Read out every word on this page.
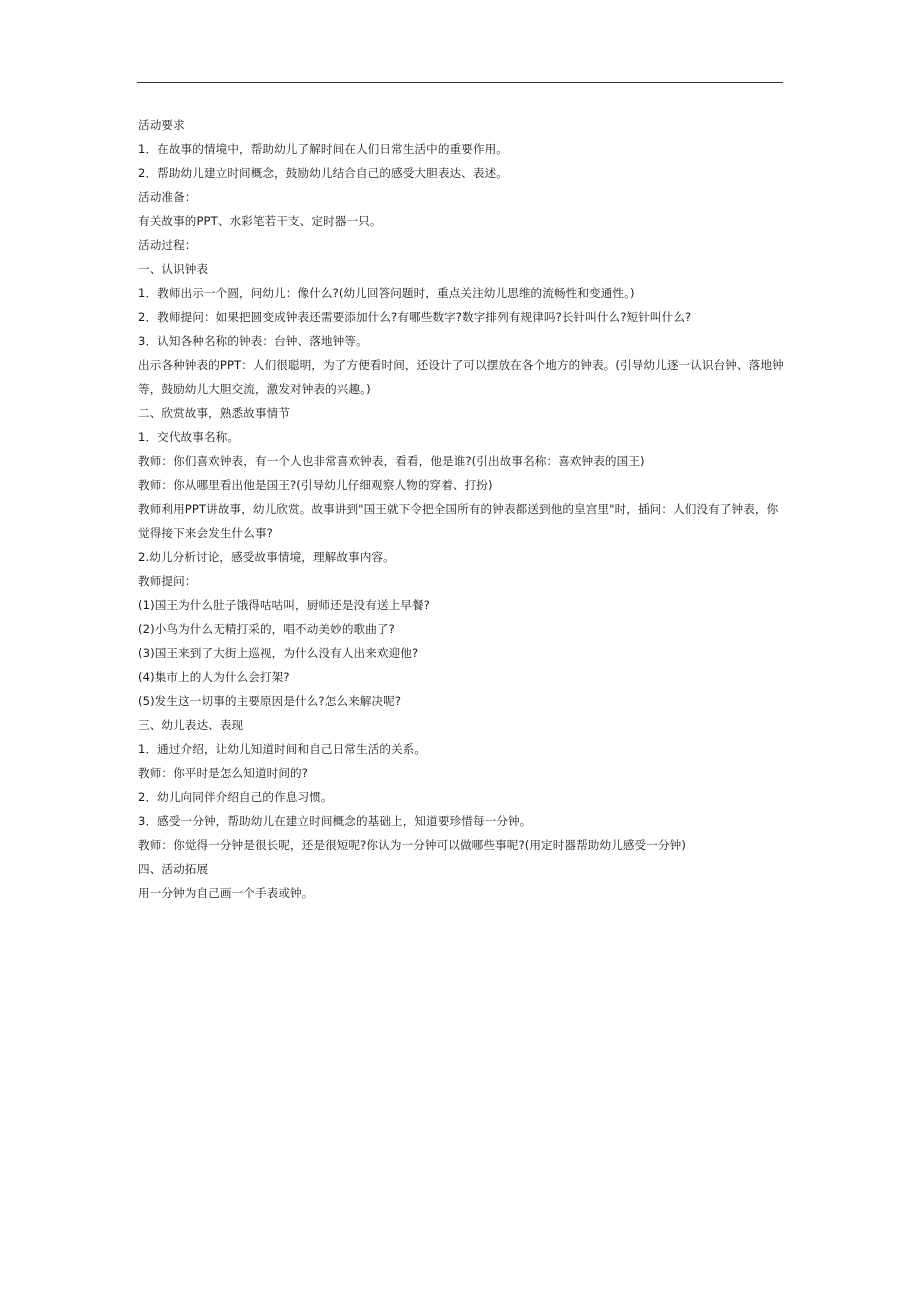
活动要求
1．在故事的情境中，帮助幼儿了解时间在人们日常生活中的重要作用。
2．帮助幼儿建立时间概念，鼓励幼儿结合自己的感受大胆表达、表述。
活动准备：
有关故事的PPT、水彩笔若干支、定时器一只。
活动过程：
一、认识钟表
1．教师出示一个圆，问幼儿：像什么?(幼儿回答问题时，重点关注幼儿思维的流畅性和变通性。)
2．教师提问：如果把圆变成钟表还需要添加什么?有哪些数字?数字排列有规律吗?长针叫什么?短针叫什么?
3．认知各种名称的钟表：台钟、落地钟等。
出示各种钟表的PPT：人们很聪明，为了方便看时间，还设计了可以摆放在各个地方的钟表。(引导幼儿逐一认识台钟、落地钟等，鼓励幼儿大胆交流，激发对钟表的兴趣。)
二、欣赏故事，熟悉故事情节
1．交代故事名称。
教师：你们喜欢钟表，有一个人也非常喜欢钟表，看看，他是谁?(引出故事名称：喜欢钟表的国王)
教师：你从哪里看出他是国王?(引导幼儿仔细观察人物的穿着、打扮)
教师利用PPT讲故事，幼儿欣赏。故事讲到"国王就下令把全国所有的钟表都送到他的皇宫里"时，插问：人们没有了钟表，你觉得接下来会发生什么事?
2.幼儿分析讨论，感受故事情境，理解故事内容。
教师提问：
(1)国王为什么肚子饿得咕咕叫，厨师还是没有送上早餐?
(2)小鸟为什么无精打采的，唱不动美妙的歌曲了?
(3)国王来到了大街上巡视，为什么没有人出来欢迎他?
(4)集市上的人为什么会打架?
(5)发生这一切事的主要原因是什么?怎么来解决呢?
三、幼儿表达、表现
1．通过介绍，让幼儿知道时间和自己日常生活的关系。
教师：你平时是怎么知道时间的?
2．幼儿向同伴介绍自己的作息习惯。
3．感受一分钟，帮助幼儿在建立时间概念的基础上，知道要珍惜每一分钟。
教师：你觉得一分钟是很长呢，还是很短呢?你认为一分钟可以做哪些事呢?(用定时器帮助幼儿感受一分钟)
四、活动拓展
用一分钟为自己画一个手表或钟。
